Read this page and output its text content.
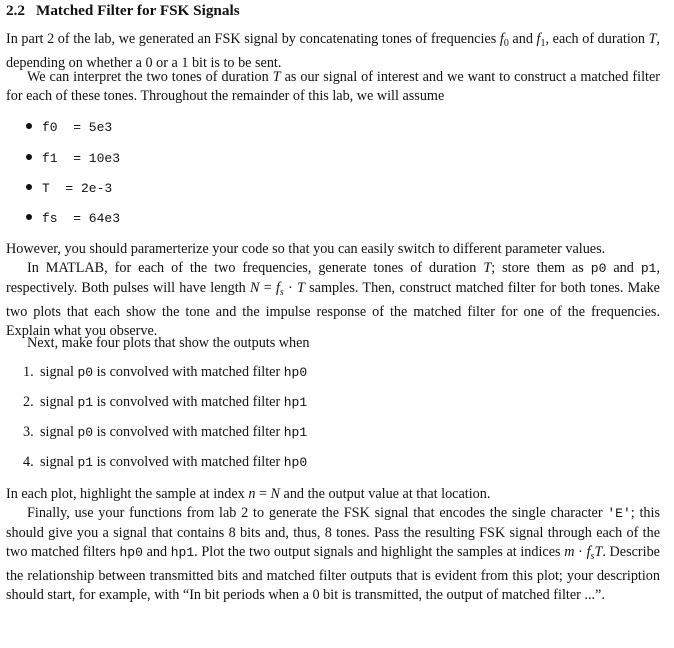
2.2 Matched Filter for FSK Signals
In part 2 of the lab, we generated an FSK signal by concatenating tones of frequencies $f_0$ and $f_1$, each of duration T, depending on whether a 0 or a 1 bit is to be sent.
We can interpret the two tones of duration T as our signal of interest and we want to construct a matched filter for each of these tones. Throughout the remainder of this lab, we will assume
f0  = 5e3
f1  = 10e3
T  = 2e-3
fs  = 64e3
However, you should paramerterize your code so that you can easily switch to different parameter values.
In MATLAB, for each of the two frequencies, generate tones of duration T; store them as p0 and p1, respectively. Both pulses will have length $N = f_s \cdot T$ samples. Then, construct matched filter for both tones. Make two plots that each show the tone and the impulse response of the matched filter for one of the frequencies. Explain what you observe.
Next, make four plots that show the outputs when
1. signal p0 is convolved with matched filter hp0
2. signal p1 is convolved with matched filter hp1
3. signal p0 is convolved with matched filter hp1
4. signal p1 is convolved with matched filter hp0
In each plot, highlight the sample at index n = N and the output value at that location.
Finally, use your functions from lab 2 to generate the FSK signal that encodes the single character 'E'; this should give you a signal that contains 8 bits and, thus, 8 tones. Pass the resulting FSK signal through each of the two matched filters hp0 and hp1. Plot the two output signals and highlight the samples at indices $m \cdot f_sT$. Describe the relationship between transmitted bits and matched filter outputs that is evident from this plot; your description should start, for example, with “In bit periods when a 0 bit is transmitted, the output of matched filter ...”.
